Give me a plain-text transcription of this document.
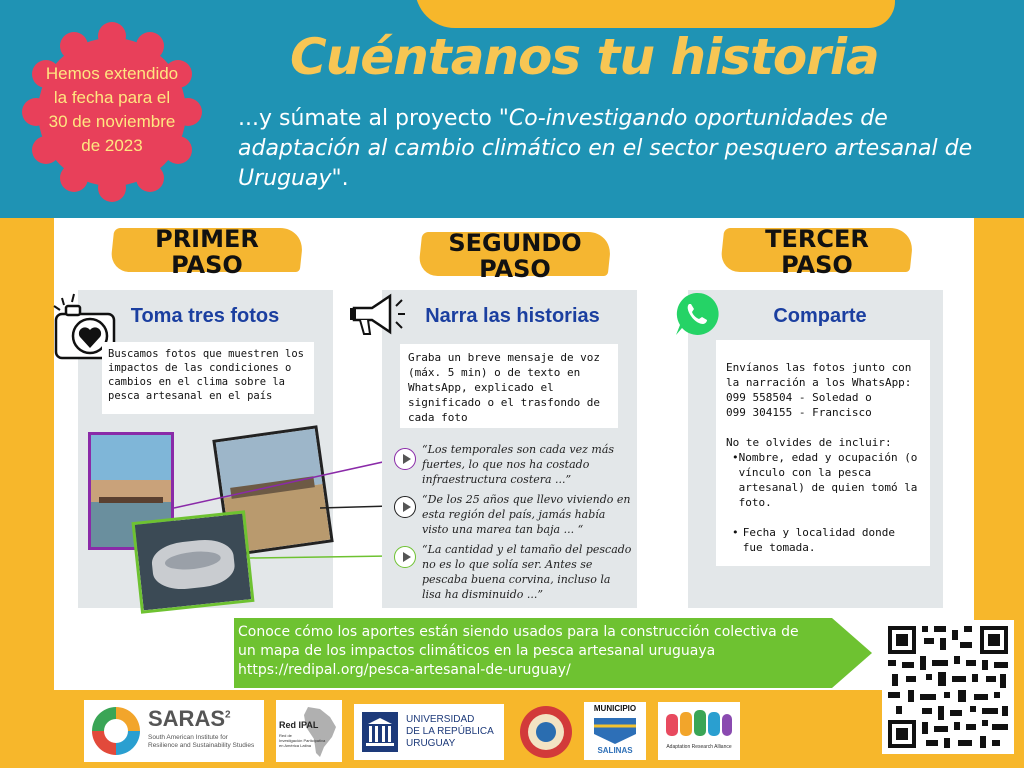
Cuéntanos tu historia
...y súmate al proyecto "Co-investigando oportunidades de adaptación al cambio climático en el sector pesquero artesanal de Uruguay".
Hemos extendido
la fecha para el
30 de noviembre
de 2023
PRIMER
PASO
SEGUNDO
PASO
TERCER
PASO
Toma tres fotos
Buscamos fotos que muestren los impactos de las condiciones o cambios en el clima sobre la pesca artesanal en el país
Narra las historias
Graba un breve mensaje de voz (máx. 5 min) o de texto en WhatsApp, explicado el significado o el trasfondo de cada foto
“Los temporales son cada vez más fuertes, lo que nos ha costado infraestructura costera ...”
“De los 25 años que llevo viviendo en esta región del país, jamás había visto una marea tan baja ... “
“La cantidad y el tamaño del pescado no es lo que solía ser. Antes se pescaba buena corvina, incluso la lisa ha disminuido ...”
Comparte
Envíanos las fotos junto con la narración a los WhatsApp:
099 558504 - Soledad o
099 304155 - Francisco
No te olvides de incluir:
• Nombre, edad y ocupación (o vínculo con la pesca artesanal) de quien tomó la foto.
• Fecha y localidad donde fue tomada.
Conoce cómo los aportes están siendo usados para la construcción colectiva de
un mapa de los impactos climáticos en la pesca artesanal uruguaya
https://redipal.org/pesca-artesanal-de-uruguay/
SARAS$^2$
South American Institute for
Resilience and Sustainability Studies
Red IPAL
Red de
Investigación Participativa
en América Latina
UNIVERSIDAD
DE LA REPÚBLICA
URUGUAY
MUNICIPIO
SALINAS	Adaptation Research Alliance
